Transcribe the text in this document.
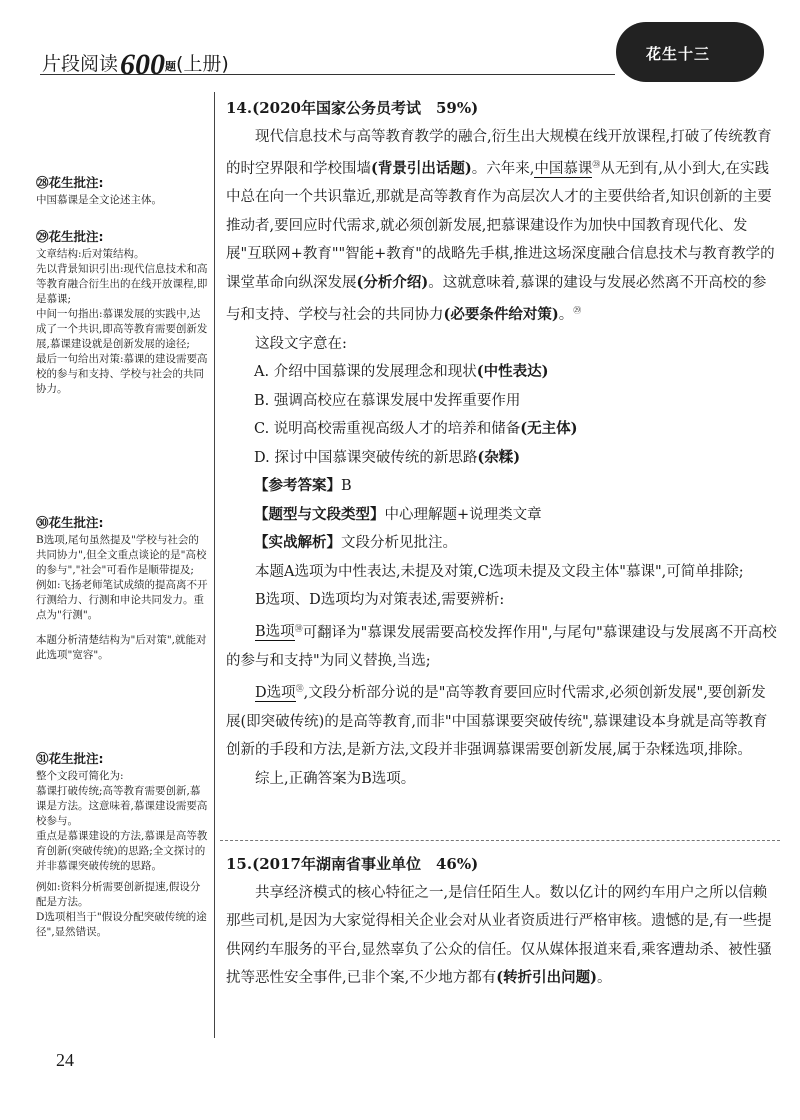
片段阅读600题(上册)	花生十三

㉘花生批注:

中国慕课是全文论述主体。

㉙花生批注:

文章结构:后对策结构。

先以背景知识引出:现代信息技术和高等教育融合衍生出的在线开放课程,即是慕课;

中间一句指出:慕课发展的实践中,达成了一个共识,即高等教育需要创新发展,慕课建设就是创新发展的途径;

最后一句给出对策:慕课的建设需要高校的参与和支持、学校与社会的共同协力。

㉚花生批注:

B选项,尾句虽然提及"学校与社会的共同协力",但全文重点谈论的是"高校的参与","社会"可看作是顺带提及;

例如:飞扬老师笔试成绩的提高离不开行测给力、行测和申论共同发力。重点为"行测"。

本题分析清楚结构为"后对策",就能对此选项"宽容"。

㉛花生批注:

整个文段可简化为:

慕课打破传统;高等教育需要创新,慕课是方法。这意味着,慕课建设需要高校参与。

重点是慕课建设的方法,慕课是高等教育创新(突破传统)的思路;全文探讨的并非慕课突破传统的思路。

例如:资料分析需要创新提速,假设分配是方法。

D选项相当于"假设分配突破传统的途径",显然错误。

14.(2020年国家公务员考试　59%)

现代信息技术与高等教育教学的融合,衍生出大规模在线开放课程,打破了传统教育的时空界限和学校围墙(背景引出话题)。六年来,中国慕课$^㉘$从无到有,从小到大,在实践中总在向一个共识靠近,那就是高等教育作为高层次人才的主要供给者,知识创新的主要推动者,要回应时代需求,就必须创新发展,把慕课建设作为加快中国教育现代化、发展"互联网+教育""智能+教育"的战略先手棋,推进这场深度融合信息技术与教育教学的课堂革命向纵深发展(分析介绍)。这就意味着,慕课的建设与发展必然离不开高校的参与和支持、学校与社会的共同协力(必要条件给对策)。$^㉙$

这段文字意在:

A. 介绍中国慕课的发展理念和现状(中性表达)

B. 强调高校应在慕课发展中发挥重要作用

C. 说明高校需重视高级人才的培养和储备(无主体)

D. 探讨中国慕课突破传统的新思路(杂糅)

【参考答案】B

【题型与文段类型】中心理解题+说理类文章

【实战解析】文段分析见批注。

本题A选项为中性表达,未提及对策,C选项未提及文段主体"慕课",可简单排除;

B选项、D选项均为对策表述,需要辨析:

B选项$^㉚$可翻译为"慕课发展需要高校发挥作用",与尾句"慕课建设与发展离不开高校的参与和支持"为同义替换,当选;

D选项$^㉛$,文段分析部分说的是"高等教育要回应时代需求,必须创新发展",要创新发展(即突破传统)的是高等教育,而非"中国慕课要突破传统",慕课建设本身就是高等教育创新的手段和方法,是新方法,文段并非强调慕课需要创新发展,属于杂糅选项,排除。

综上,正确答案为B选项。

15.(2017年湖南省事业单位　46%)

共享经济模式的核心特征之一,是信任陌生人。数以亿计的网约车用户之所以信赖那些司机,是因为大家觉得相关企业会对从业者资质进行严格审核。遗憾的是,有一些提供网约车服务的平台,显然辜负了公众的信任。仅从媒体报道来看,乘客遭劫杀、被性骚扰等恶性安全事件,已非个案,不少地方都有(转折引出问题)。

24
